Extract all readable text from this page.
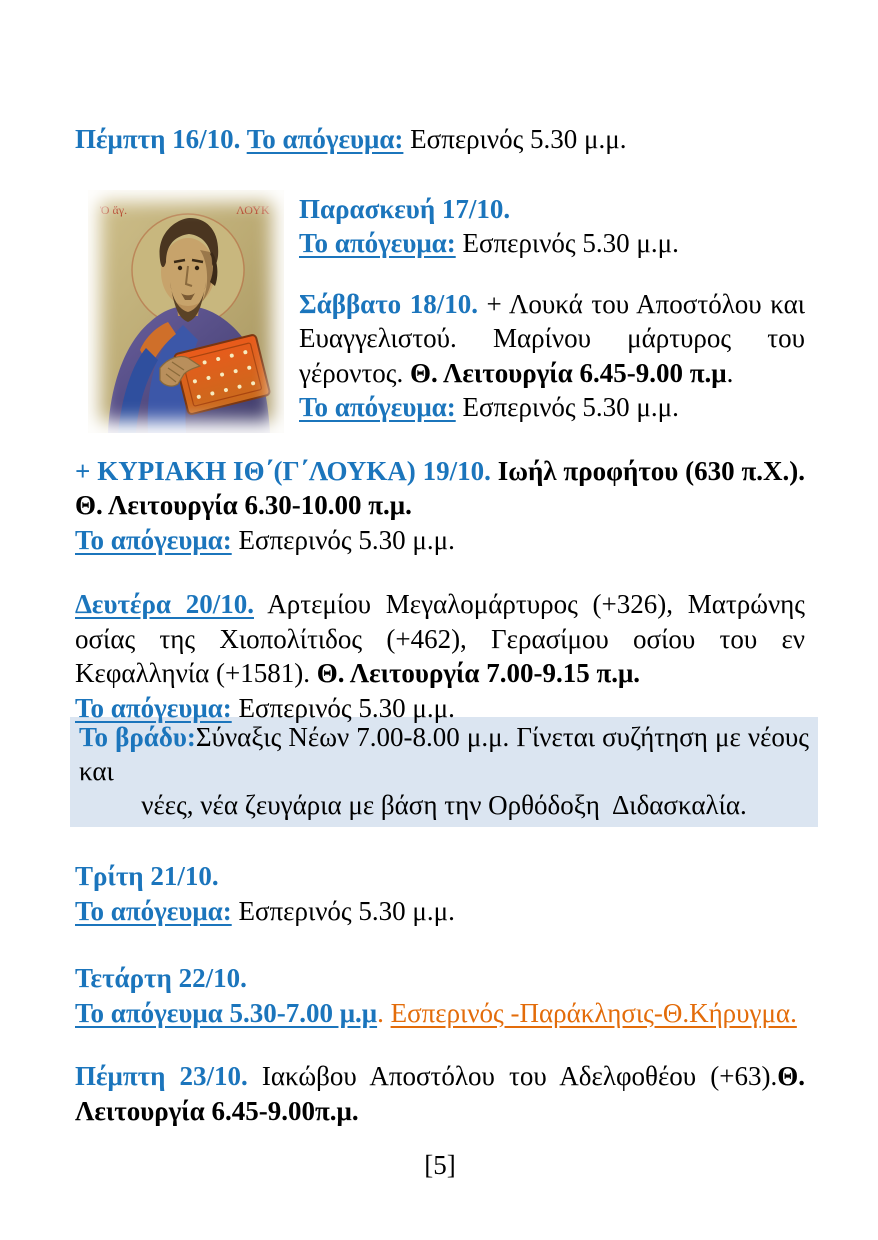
Πέμπτη 16/10. Το απόγευμα: Εσπερινός 5.30 μ.μ.

Ὁ ἅγ.	ΛΟΥΚ	Παρασκευή 17/10.

Το απόγευμα: Εσπερινός 5.30 μ.μ.

Σάββατο 18/10. + Λουκά του Αποστόλου και Ευαγγελιστού. Μαρίνου μάρτυρος του γέροντος. Θ. Λειτουργία 6.45-9.00 π.μ.

Το απόγευμα: Εσπερινός 5.30 μ.μ.

+ ΚΥΡΙΑΚΗ ΙΘ΄(Γ΄ΛΟΥΚΑ) 19/10. Ιωήλ προφήτου (630 π.Χ.). Θ. Λειτουργία 6.30-10.00 π.μ.

Το απόγευμα: Εσπερινός 5.30 μ.μ.

Δευτέρα 20/10. Αρτεμίου Μεγαλομάρτυρος (+326), Ματρώνης οσίας της Χιοπολίτιδος (+462), Γερασίμου οσίου του εν Κεφαλληνία (+1581). Θ. Λειτουργία 7.00-9.15 π.μ.

Το απόγευμα: Εσπερινός 5.30 μ.μ.

Το βράδυ:Σύναξις Νέων 7.00-8.00 μ.μ. Γίνεται συζήτηση με νέους και
νέες, νέα ζευγάρια με βάση την Ορθόδοξη  Διδασκαλία.

Τρίτη 21/10.

Το απόγευμα: Εσπερινός 5.30 μ.μ.

Τετάρτη 22/10.

Το απόγευμα 5.30-7.00 μ.μ. Εσπερινός -Παράκλησις-Θ.Κήρυγμα.

Πέμπτη 23/10. Ιακώβου Αποστόλου του Αδελφοθέου (+63).Θ. Λειτουργία 6.45-9.00π.μ.

[5]
